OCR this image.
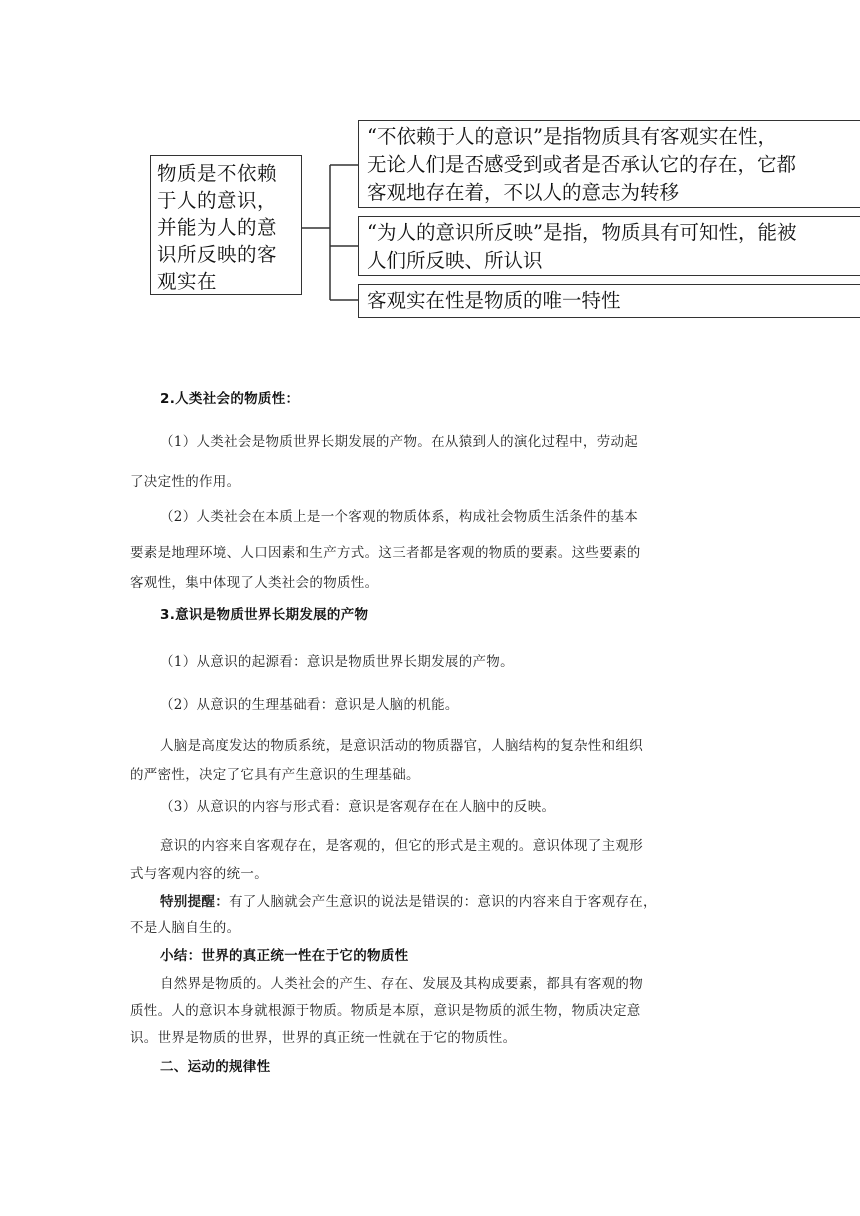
物质是不依赖
于人的意识，
并能为人的意
识所反映的客
观实在
“不依赖于人的意识”是指物质具有客观实在性，
无论人们是否感受到或者是否承认它的存在，它都
客观地存在着，不以人的意志为转移
“为人的意识所反映”是指，物质具有可知性，能被
人们所反映、所认识
客观实在性是物质的唯一特性
2.人类社会的物质性：
（1）人类社会是物质世界长期发展的产物。在从猿到人的演化过程中，劳动起
了决定性的作用。
（2）人类社会在本质上是一个客观的物质体系，构成社会物质生活条件的基本
要素是地理环境、人口因素和生产方式。这三者都是客观的物质的要素。这些要素的
客观性，集中体现了人类社会的物质性。
3.意识是物质世界长期发展的产物
（1）从意识的起源看：意识是物质世界长期发展的产物。
（2）从意识的生理基础看：意识是人脑的机能。
人脑是高度发达的物质系统，是意识活动的物质器官，人脑结构的复杂性和组织
的严密性，决定了它具有产生意识的生理基础。
（3）从意识的内容与形式看：意识是客观存在在人脑中的反映。
意识的内容来自客观存在，是客观的，但它的形式是主观的。意识体现了主观形
式与客观内容的统一。
特别提醒：有了人脑就会产生意识的说法是错误的：意识的内容来自于客观存在，
不是人脑自生的。
小结：世界的真正统一性在于它的物质性
自然界是物质的。人类社会的产生、存在、发展及其构成要素，都具有客观的物
质性。人的意识本身就根源于物质。物质是本原，意识是物质的派生物，物质决定意
识。世界是物质的世界，世界的真正统一性就在于它的物质性。
二、运动的规律性
